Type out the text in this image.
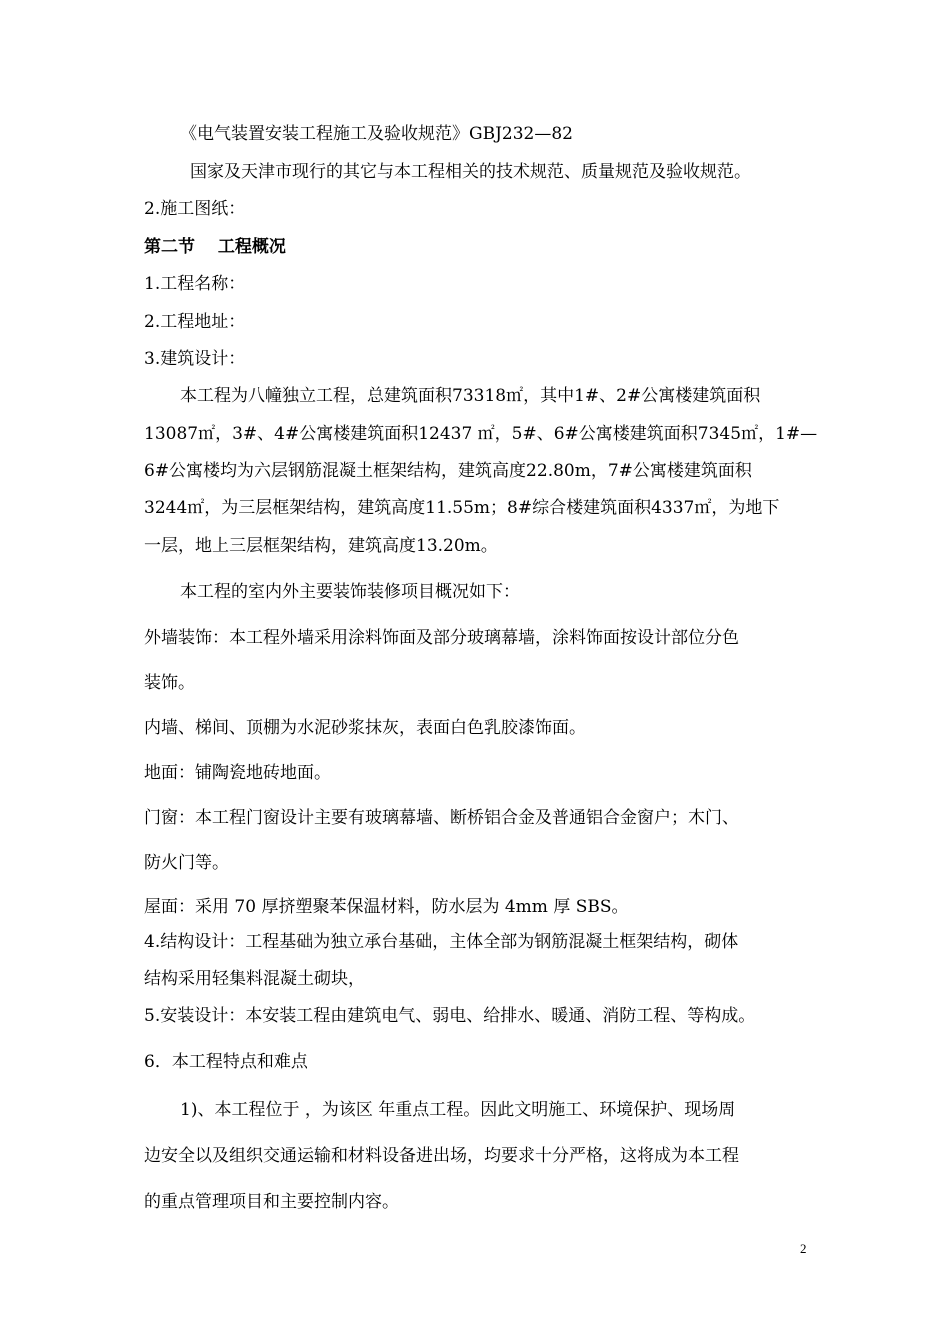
《电气装置安装工程施工及验收规范》GBJ232—82
国家及天津市现行的其它与本工程相关的技术规范、质量规范及验收规范。
2.施工图纸：
第二节　 工程概况
1.工程名称：
2.工程地址：
3.建筑设计：
本工程为八幢独立工程，总建筑面积73318㎡，其中1#、2#公寓楼建筑面积
13087㎡，3#、4#公寓楼建筑面积12437 ㎡，5#、6#公寓楼建筑面积7345㎡，1#—
6#公寓楼均为六层钢筋混凝土框架结构，建筑高度22.80m，7#公寓楼建筑面积
3244㎡，为三层框架结构，建筑高度11.55m；8#综合楼建筑面积4337㎡，为地下
一层，地上三层框架结构，建筑高度13.20m。
本工程的室内外主要装饰装修项目概况如下：
外墙装饰：本工程外墙采用涂料饰面及部分玻璃幕墙，涂料饰面按设计部位分色
装饰。
内墙、梯间、顶棚为水泥砂浆抹灰，表面白色乳胶漆饰面。
地面：铺陶瓷地砖地面。
门窗：本工程门窗设计主要有玻璃幕墙、断桥铝合金及普通铝合金窗户；木门、
防火门等。
屋面：采用 70 厚挤塑聚苯保温材料，防水层为 4mm 厚 SBS。
4.结构设计：工程基础为独立承台基础，主体全部为钢筋混凝土框架结构，砌体
结构采用轻集料混凝土砌块，
5.安装设计：本安装工程由建筑电气、弱电、给排水、暖通、消防工程、等构成。
6．本工程特点和难点
1)、本工程位于 ，为该区 年重点工程。因此文明施工、环境保护、现场周
边安全以及组织交通运输和材料设备进出场，均要求十分严格，这将成为本工程
的重点管理项目和主要控制内容。
2
